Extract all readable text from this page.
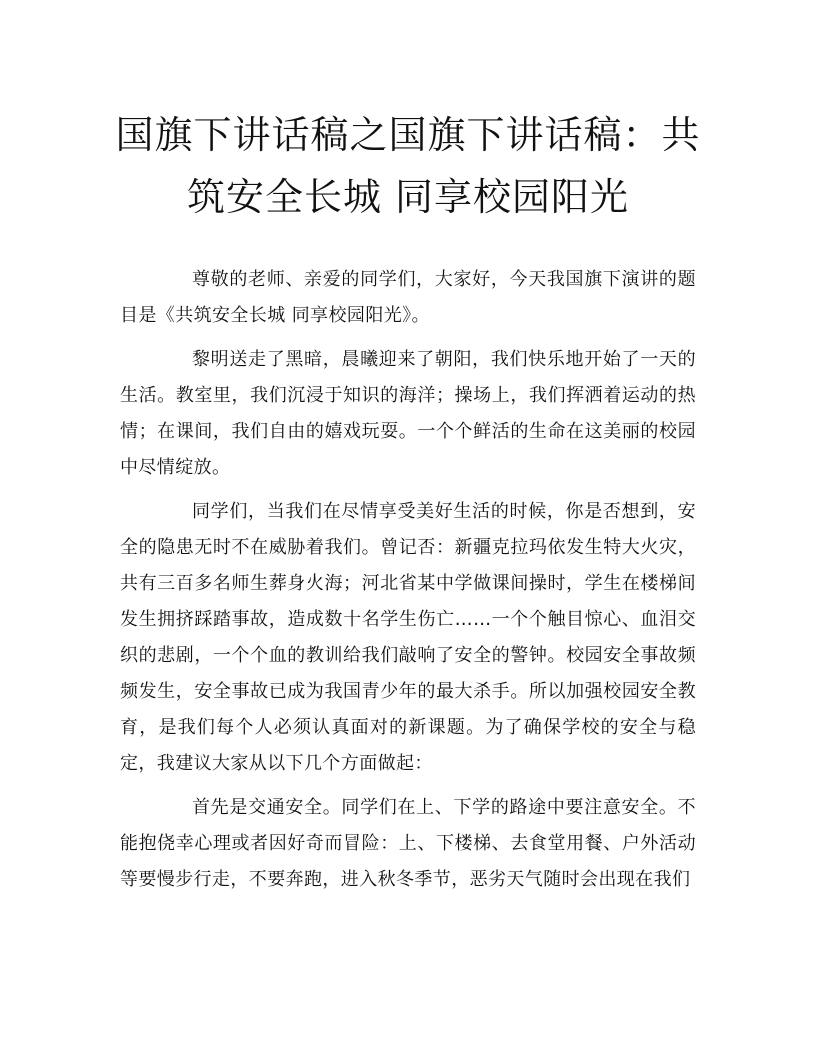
国旗下讲话稿之国旗下讲话稿：共筑安全长城 同享校园阳光

尊敬的老师、亲爱的同学们，大家好，今天我国旗下演讲的题目是《共筑安全长城 同享校园阳光》。

黎明送走了黑暗，晨曦迎来了朝阳，我们快乐地开始了一天的生活。教室里，我们沉浸于知识的海洋；操场上，我们挥洒着运动的热情；在课间，我们自由的嬉戏玩耍。一个个鲜活的生命在这美丽的校园中尽情绽放。

同学们，当我们在尽情享受美好生活的时候，你是否想到，安全的隐患无时不在威胁着我们。曾记否：新疆克拉玛依发生特大火灾，共有三百多名师生葬身火海；河北省某中学做课间操时，学生在楼梯间发生拥挤踩踏事故，造成数十名学生伤亡……一个个触目惊心、血泪交织的悲剧，一个个血的教训给我们敲响了安全的警钟。校园安全事故频频发生，安全事故已成为我国青少年的最大杀手。所以加强校园安全教育，是我们每个人必须认真面对的新课题。为了确保学校的安全与稳定，我建议大家从以下几个方面做起：

首先是交通安全。同学们在上、下学的路途中要注意安全。不能抱侥幸心理或者因好奇而冒险：上、下楼梯、去食堂用餐、户外活动等要慢步行走，不要奔跑，进入秋冬季节，恶劣天气随时会出现在我们
